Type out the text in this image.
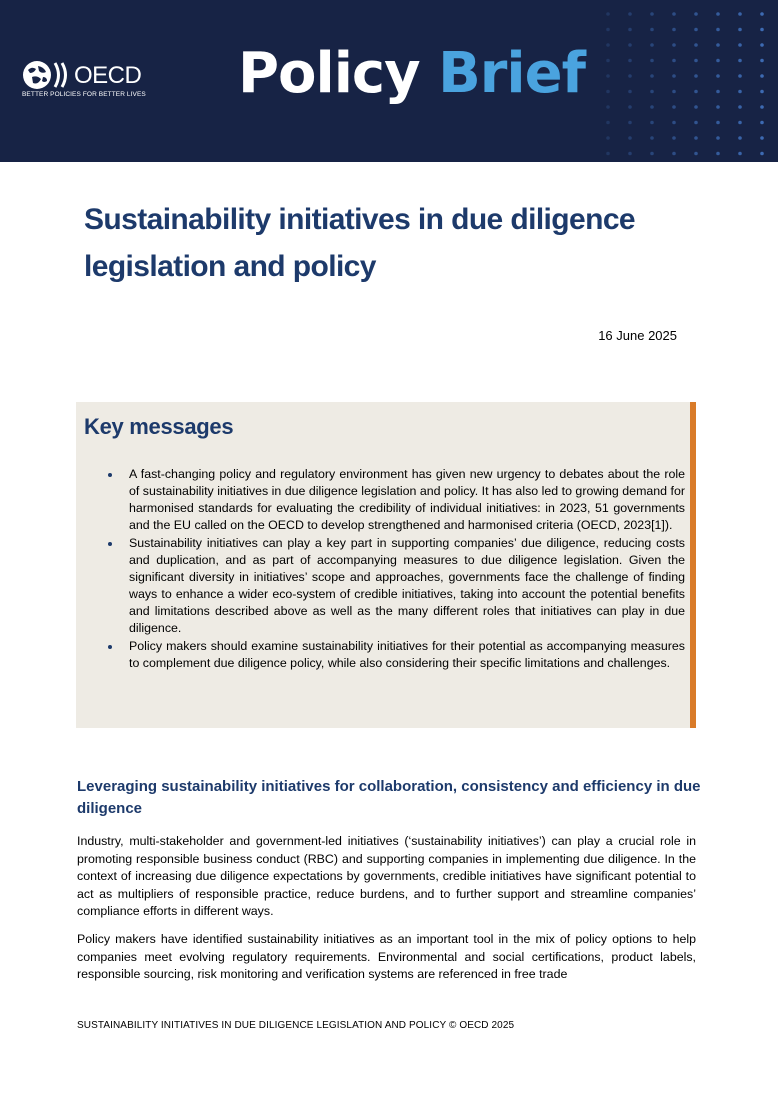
OECD
BETTER POLICIES FOR BETTER LIVES Policy Brief
Sustainability initiatives in due diligence legislation and policy
16 June 2025
Key messages
A fast-changing policy and regulatory environment has given new urgency to debates about the role of sustainability initiatives in due diligence legislation and policy. It has also led to growing demand for harmonised standards for evaluating the credibility of individual initiatives: in 2023, 51 governments and the EU called on the OECD to develop strengthened and harmonised criteria (OECD, 2023[1]).
Sustainability initiatives can play a key part in supporting companies’ due diligence, reducing costs and duplication, and as part of accompanying measures to due diligence legislation. Given the significant diversity in initiatives’ scope and approaches, governments face the challenge of finding ways to enhance a wider eco-system of credible initiatives, taking into account the potential benefits and limitations described above as well as the many different roles that initiatives can play in due diligence.
Policy makers should examine sustainability initiatives for their potential as accompanying measures to complement due diligence policy, while also considering their specific limitations and challenges.
Leveraging sustainability initiatives for collaboration, consistency and efficiency in due diligence

Industry, multi-stakeholder and government-led initiatives (‘sustainability initiatives’) can play a crucial role in promoting responsible business conduct (RBC) and supporting companies in implementing due diligence. In the context of increasing due diligence expectations by governments, credible initiatives have significant potential to act as multipliers of responsible practice, reduce burdens, and to further support and streamline companies’ compliance efforts in different ways.

Policy makers have identified sustainability initiatives as an important tool in the mix of policy options to help companies meet evolving regulatory requirements. Environmental and social certifications, product labels, responsible sourcing, risk monitoring and verification systems are referenced in free trade

SUSTAINABILITY INITIATIVES IN DUE DILIGENCE LEGISLATION AND POLICY © OECD 2025
